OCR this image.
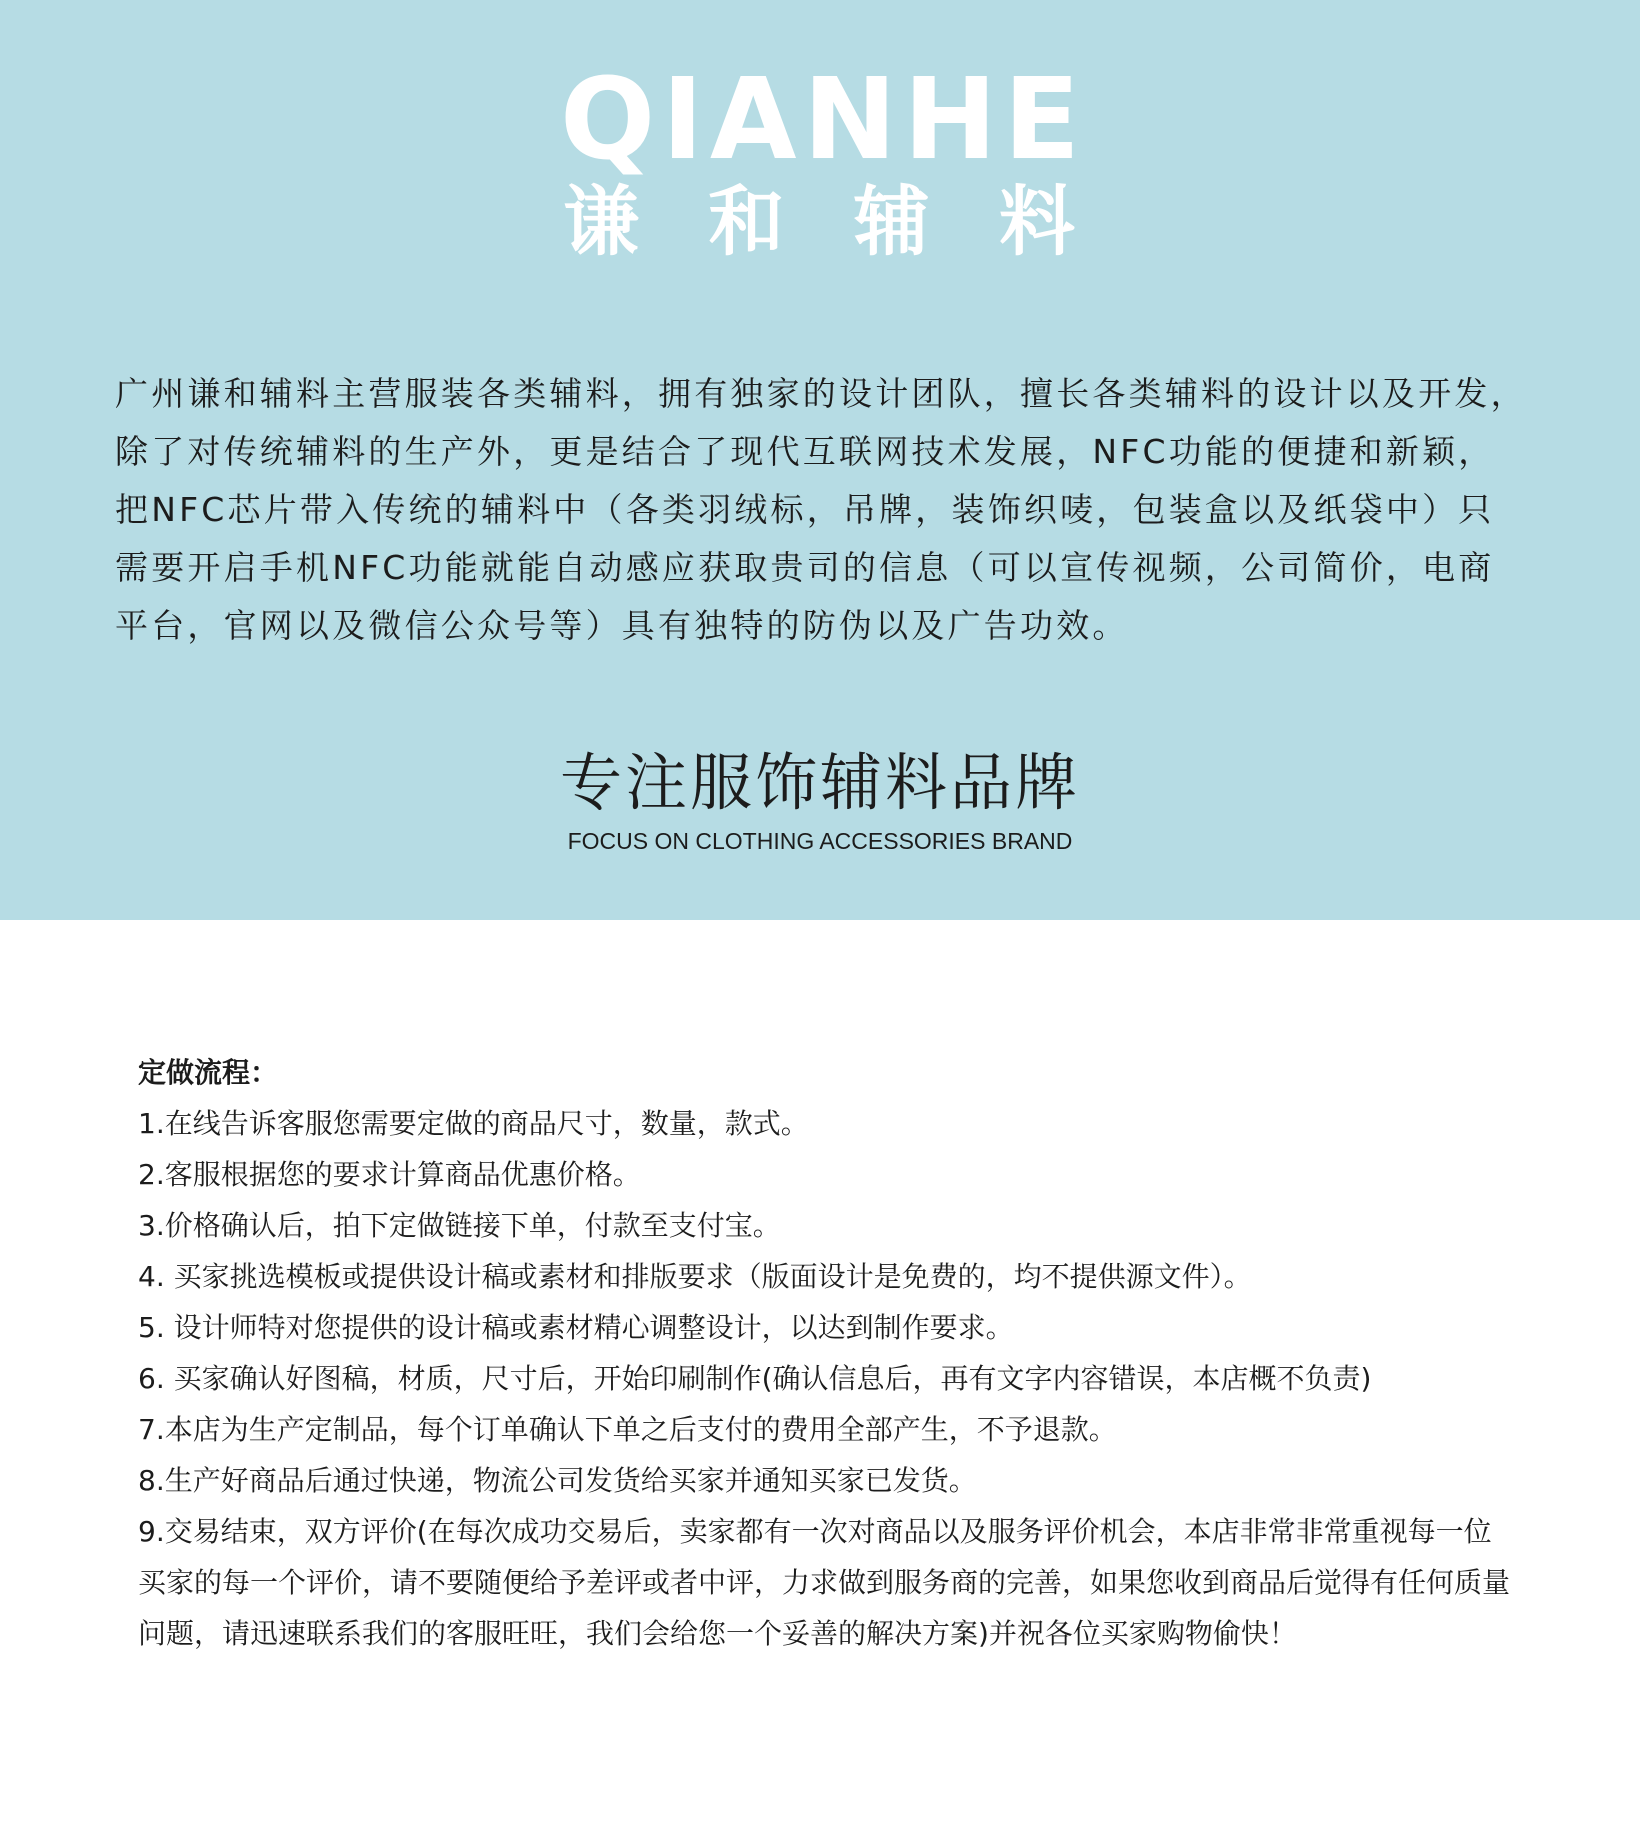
Q I A N H E
谦 和 辅 料

广州谦和辅料主营服装各类辅料，拥有独家的设计团队，擅长各类辅料的设计以及开发，除了对传统辅料的生产外，更是结合了现代互联网技术发展，NFC功能的便捷和新颖，把NFC芯片带入传统的辅料中（各类羽绒标，吊牌，装饰织唛，包装盒以及纸袋中）只需要开启手机NFC功能就能自动感应获取贵司的信息（可以宣传视频，公司简价，电商平台，官网以及微信公众号等）具有独特的防伪以及广告功效。

专注服饰辅料品牌
FOCUS ON CLOTHING ACCESSORIES BRAND
定做流程：
1.在线告诉客服您需要定做的商品尺寸，数量，款式。
2.客服根据您的要求计算商品优惠价格。
3.价格确认后，拍下定做链接下单，付款至支付宝。
4. 买家挑选模板或提供设计稿或素材和排版要求（版面设计是免费的，均不提供源文件）。
5. 设计师特对您提供的设计稿或素材精心调整设计，以达到制作要求。
6. 买家确认好图稿，材质，尺寸后，开始印刷制作(确认信息后，再有文字内容错误，本店概不负责)
7.本店为生产定制品，每个订单确认下单之后支付的费用全部产生，不予退款。
8.生产好商品后通过快递，物流公司发货给买家并通知买家已发货。
9.交易结束，双方评价(在每次成功交易后，卖家都有一次对商品以及服务评价机会，本店非常非常重视每一位买家的每一个评价，请不要随便给予差评或者中评，力求做到服务商的完善，如果您收到商品后觉得有任何质量问题，请迅速联系我们的客服旺旺，我们会给您一个妥善的解决方案)并祝各位买家购物偷快！
